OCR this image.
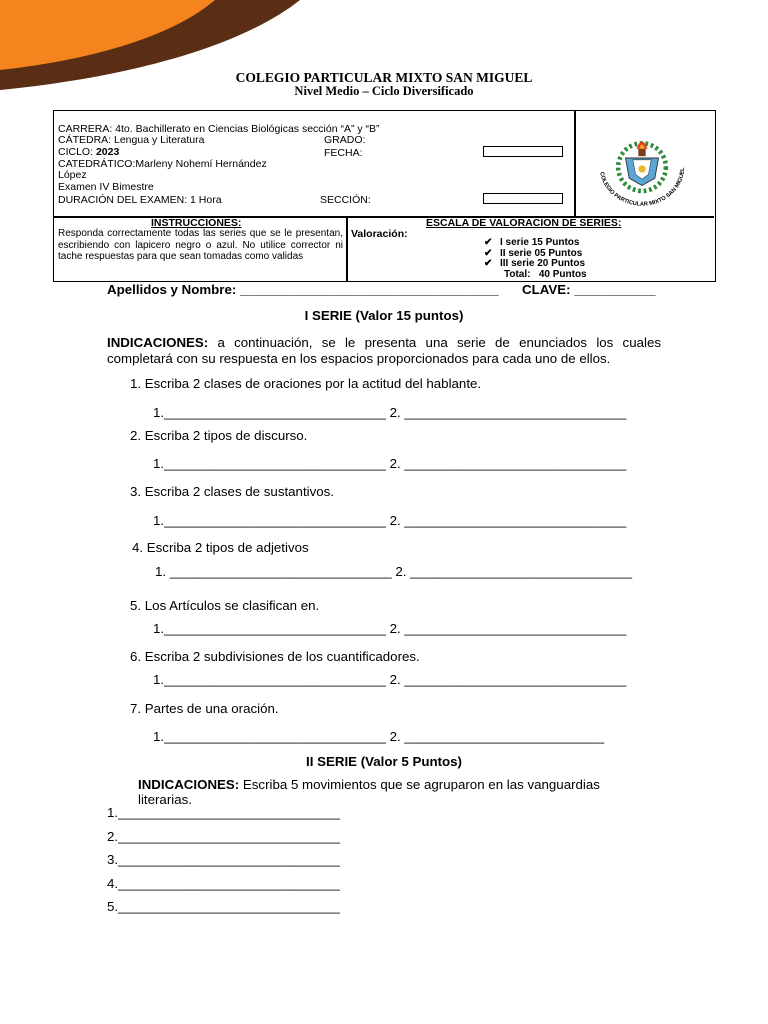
COLEGIO PARTICULAR MIXTO SAN MIGUEL
Nivel Medio – Ciclo Diversificado
CARRERA: 4to. Bachillerato en Ciencias Biológicas sección “A” y “B”
CÁTEDRA: Lengua y Literatura	GRADO:
CICLO: 2023	FECHA:
CATEDRÁTICO:Marleny Nohemí Hernández
López
Examen IV Bimestre
DURACIÓN DEL EXAMEN: 1 Hora	SECCIÓN:
INSTRUCCIONES:
Responda correctamente todas las series que se le presentan, escribiendo con lapicero negro o azul. No utilice corrector ni tache respuestas para que sean tomadas como validas
ESCALA DE VALORACION DE SERIES:
Valoración:
✔ I serie 15 Puntos
✔ II serie 05 Puntos
✔ III serie 20 Puntos
Total: 40 Puntos
COLEGIO PARTICULAR MIXTO SAN MIGUEL
Apellidos y Nombre: ___________________________________ CLAVE: ___________
I SERIE (Valor 15 puntos)
INDICACIONES: a continuación, se le presenta una serie de enunciados los cuales completará con su respuesta en los espacios proporcionados para cada uno de ellos.
1. Escriba 2 clases de oraciones por la actitud del hablante.
1.______________________________ 2. ______________________________
2. Escriba 2 tipos de discurso.
1.______________________________ 2. ______________________________
3. Escriba 2 clases de sustantivos.
1.______________________________ 2. ______________________________
4. Escriba 2 tipos de adjetivos
1. ______________________________ 2. ______________________________
5. Los Artículos se clasifican en.
1.______________________________ 2. ______________________________
6. Escriba 2 subdivisiones de los cuantificadores.
1.______________________________ 2. ______________________________
7. Partes de una oración.
1.______________________________ 2. ___________________________
II SERIE (Valor 5 Puntos)
INDICACIONES: Escriba 5 movimientos que se agruparon en las vanguardias
literarias.
1.______________________________
2.______________________________
3.______________________________
4.______________________________
5.______________________________
